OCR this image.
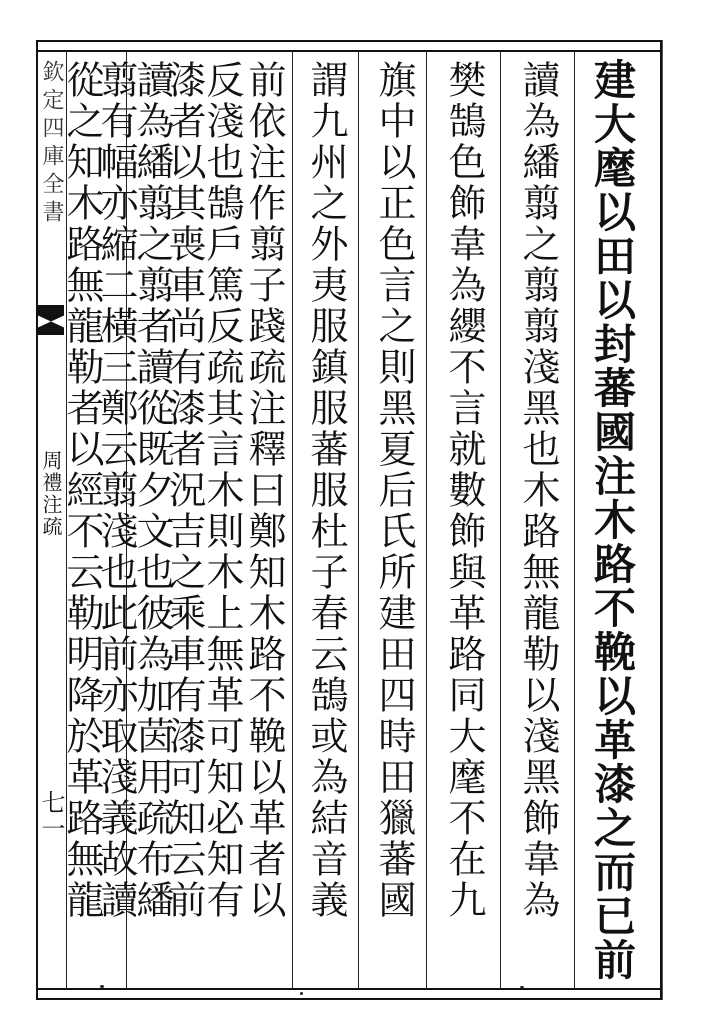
欽定四庫全書
周禮注疏
七一	建大麾以田以封蕃國注木路不鞔以革漆之而已前
讀為繙翦之翦翦淺黑也木路無龍勒以淺黑飾韋為
樊鵠色飾韋為纓不言就數飾與革路同大麾不在九
旗中以正色言之則黑夏后氏所建田四時田獵蕃國
謂九州之外夷服鎮服蕃服杜子春云鵠或為結音義
前依注作翦子踐疏注釋曰鄭知木路不鞔以革者以
反淺也鵠戶篤反疏其言木則木上無革可知必知有
漆者以其喪車尚有漆者況吉之乘車有漆可知云前
讀為繙翦之翦者讀從既夕文也彼為加茵用疏布繙
翦有幅亦縮二橫三鄭云翦淺也此前亦取淺義故讀
從之知木路無龍勒者以經不云勒明降於革路無龍
